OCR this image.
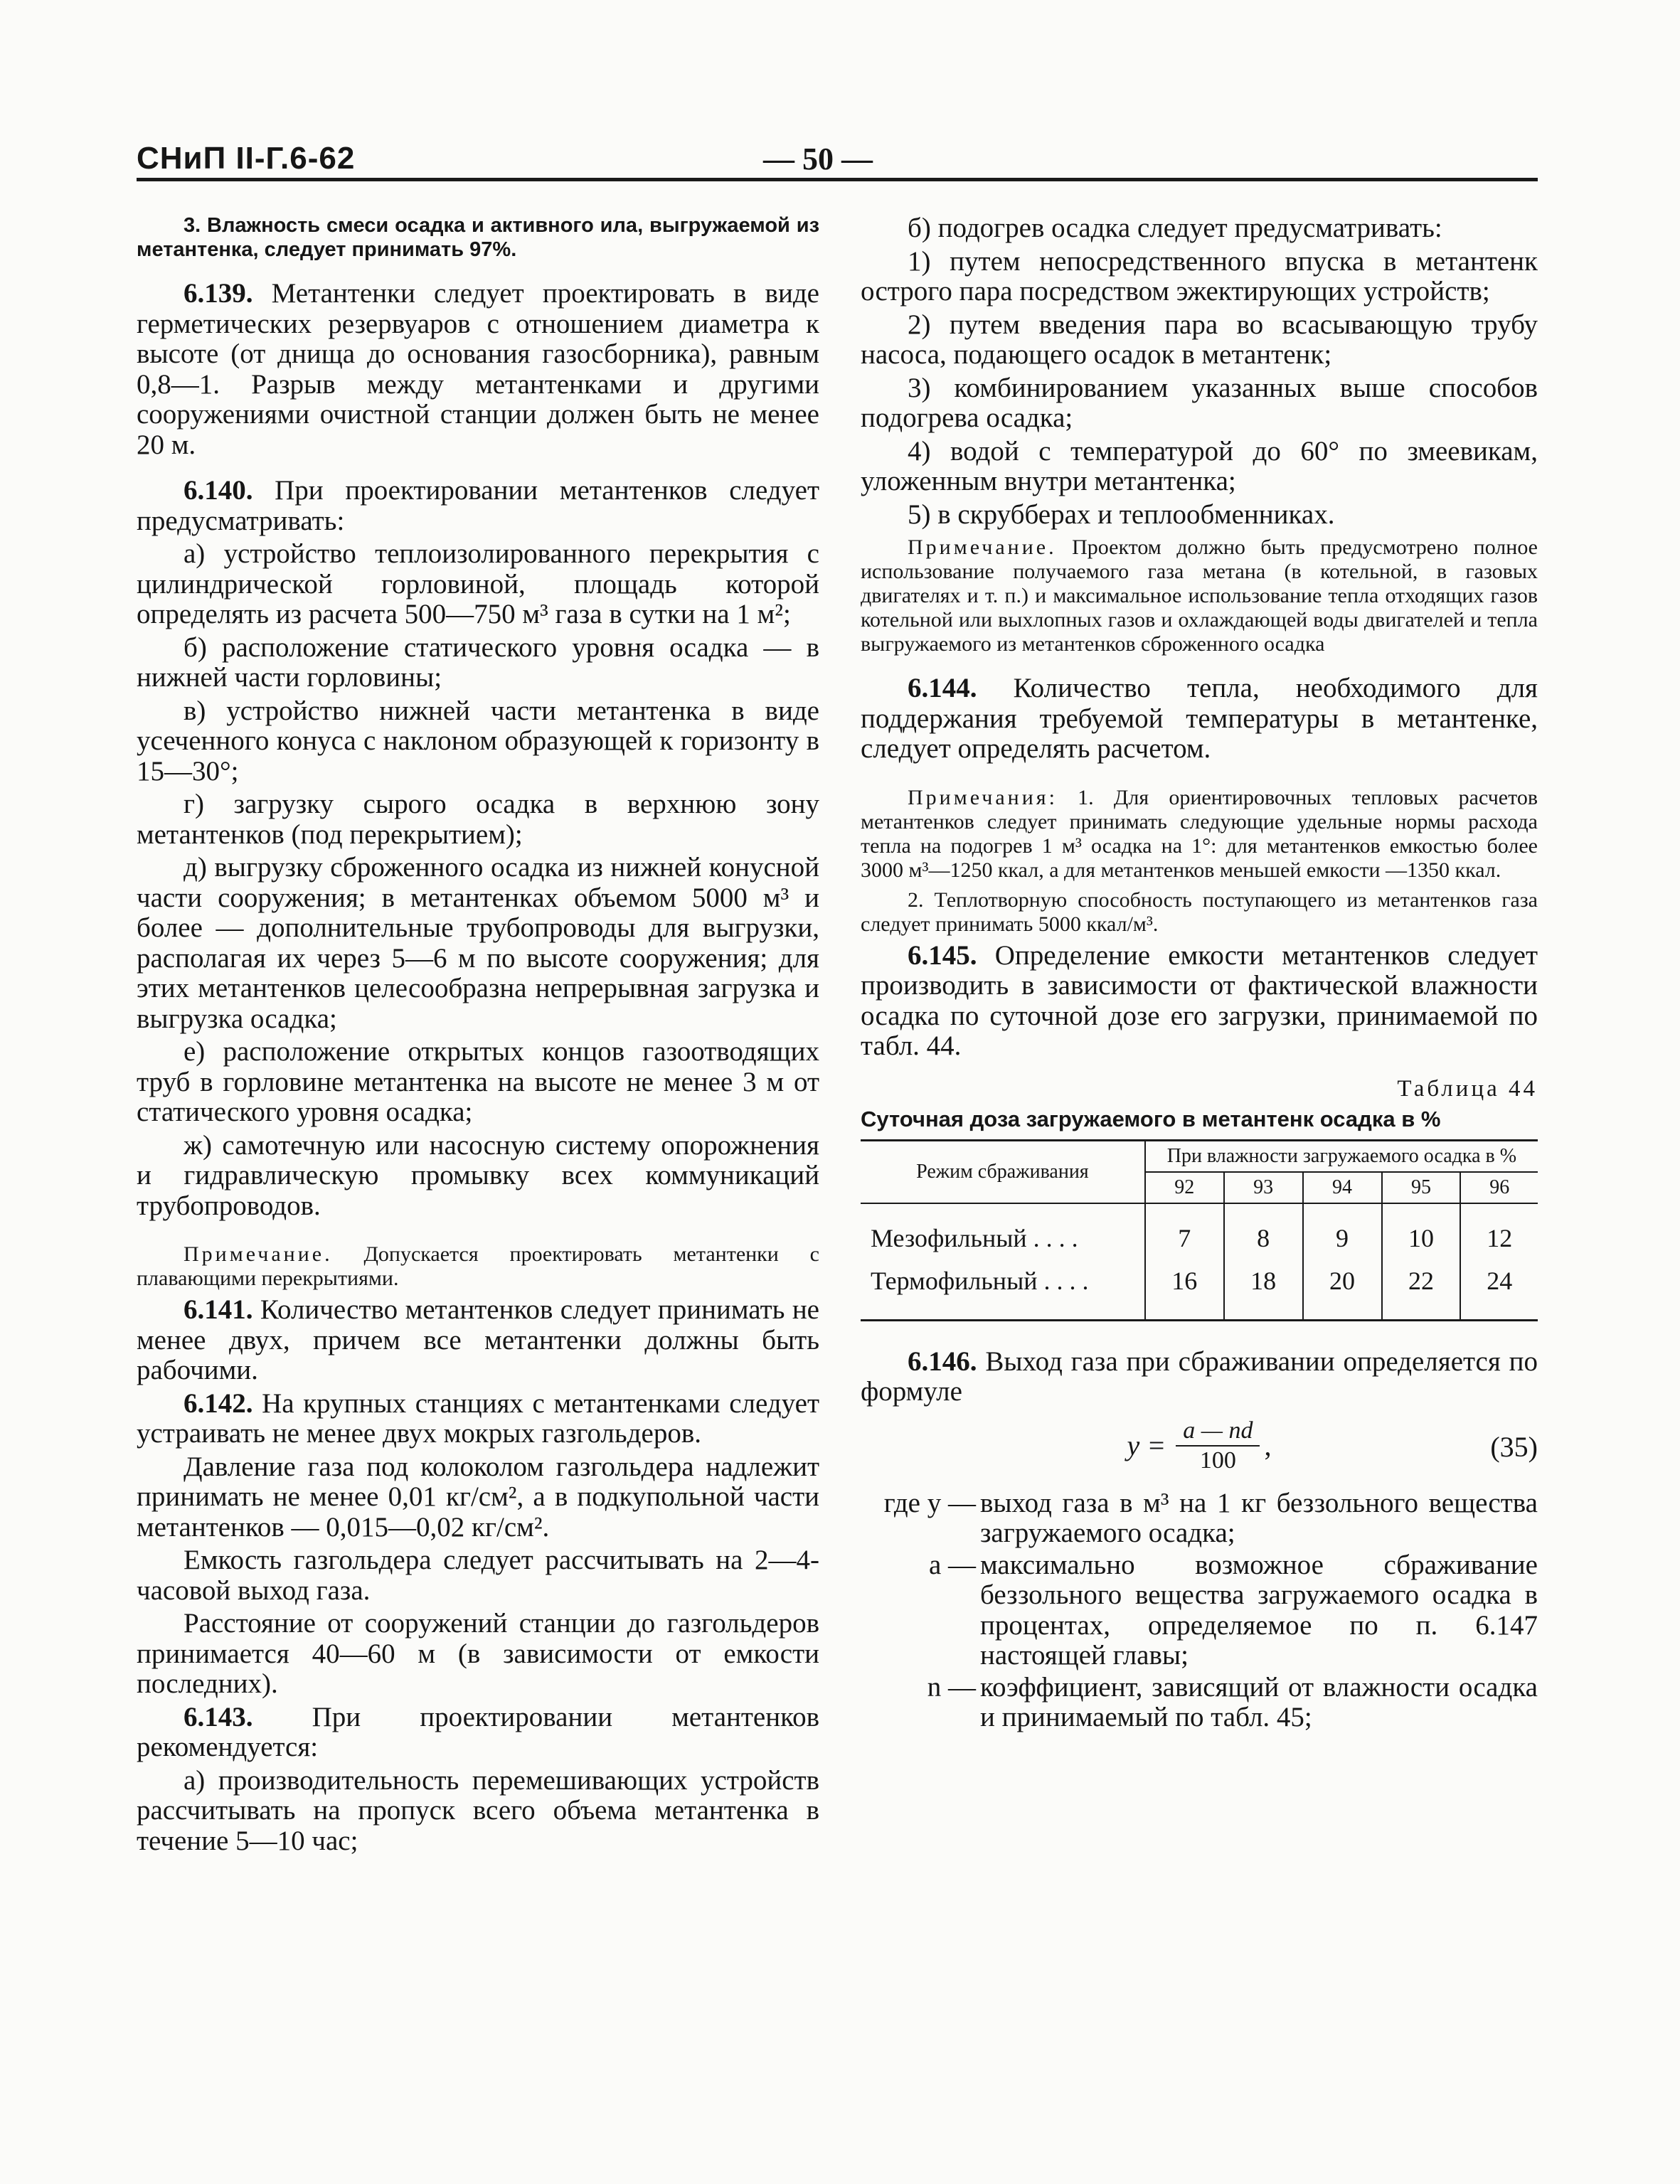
СНиП II-Г.6-62	— 50 —

3. Влажность смеси осадка и активного ила, выгружаемой из метантенка, следует принимать 97%.

6.139. Метантенки следует проектировать в виде герметических резервуаров с отношением диаметра к высоте (от днища до основания газосборника), равным 0,8—1. Разрыв между метантенками и другими сооружениями очистной станции должен быть не менее 20 м.

6.140. При проектировании метантенков следует предусматривать:

а) устройство теплоизолированного перекрытия с цилиндрической горловиной, площадь которой определять из расчета 500—750 м³ газа в сутки на 1 м²;

б) расположение статического уровня осадка — в нижней части горловины;

в) устройство нижней части метантенка в виде усеченного конуса с наклоном образующей к горизонту в 15—30°;

г) загрузку сырого осадка в верхнюю зону метантенков (под перекрытием);

д) выгрузку сброженного осадка из нижней конусной части сооружения; в метантенках объемом 5000 м³ и более — дополнительные трубопроводы для выгрузки, располагая их через 5—6 м по высоте сооружения; для этих метантенков целесообразна непрерывная загрузка и выгрузка осадка;

е) расположение открытых концов газоотводящих труб в горловине метантенка на высоте не менее 3 м от статического уровня осадка;

ж) самотечную или насосную систему опорожнения и гидравлическую промывку всех коммуникаций трубопроводов.

Примечание. Допускается проектировать метантенки с плавающими перекрытиями.

6.141. Количество метантенков следует принимать не менее двух, причем все метантенки должны быть рабочими.

6.142. На крупных станциях с метантенками следует устраивать не менее двух мокрых газгольдеров.

Давление газа под колоколом газгольдера надлежит принимать не менее 0,01 кг/см², а в подкупольной части метантенков — 0,015—0,02 кг/см².

Емкость газгольдера следует рассчитывать на 2—4-часовой выход газа.

Расстояние от сооружений станции до газгольдеров принимается 40—60 м (в зависимости от емкости последних).

6.143. При проектировании метантенков рекомендуется:

а) производительность перемешивающих устройств рассчитывать на пропуск всего объема метантенка в течение 5—10 час;

б) подогрев осадка следует предусматривать:

1) путем непосредственного впуска в метантенк острого пара посредством эжектирующих устройств;

2) путем введения пара во всасывающую трубу насоса, подающего осадок в метантенк;

3) комбинированием указанных выше способов подогрева осадка;

4) водой с температурой до 60° по змеевикам, уложенным внутри метантенка;

5) в скрубберах и теплообменниках.

Примечание. Проектом должно быть предусмотрено полное использование получаемого газа метана (в котельной, в газовых двигателях и т. п.) и максимальное использование тепла отходящих газов котельной или выхлопных газов и охлаждающей воды двигателей и тепла выгружаемого из метантенков сброженного осадка

6.144. Количество тепла, необходимого для поддержания требуемой температуры в метантенке, следует определять расчетом.

Примечания: 1. Для ориентировочных тепловых расчетов метантенков следует принимать следующие удельные нормы расхода тепла на подогрев 1 м³ осадка на 1°: для метантенков емкостью более 3000 м³—1250 ккал, а для метантенков меньшей емкости —1350 ккал.

2. Теплотворную способность поступающего из метантенков газа следует принимать 5000 ккал/м³.

6.145. Определение емкости метантенков следует производить в зависимости от фактической влажности осадка по суточной дозе его загрузки, принимаемой по табл. 44.

Таблица 44
Суточная доза загружаемого в метантенк осадка в %
Режим сбраживания	При влажности загружаемого осадка в %				
	92	93	94	95	96
Мезофильный . . . .	7	8	9	10	12
Термофильный . . . .	16	18	20	22	24

6.146. Выход газа при сбраживании определяется по формуле

$y = \frac{a — nd}{100}$ ,	(35)
где y — выход газа в м³ на 1 кг беззольного вещества загружаемого осадка;
a — максимально возможное сбраживание беззольного вещества загружаемого осадка в процентах, определяемое по п. 6.147 настоящей главы;
n — коэффициент, зависящий от влажности осадка и принимаемый по табл. 45;
